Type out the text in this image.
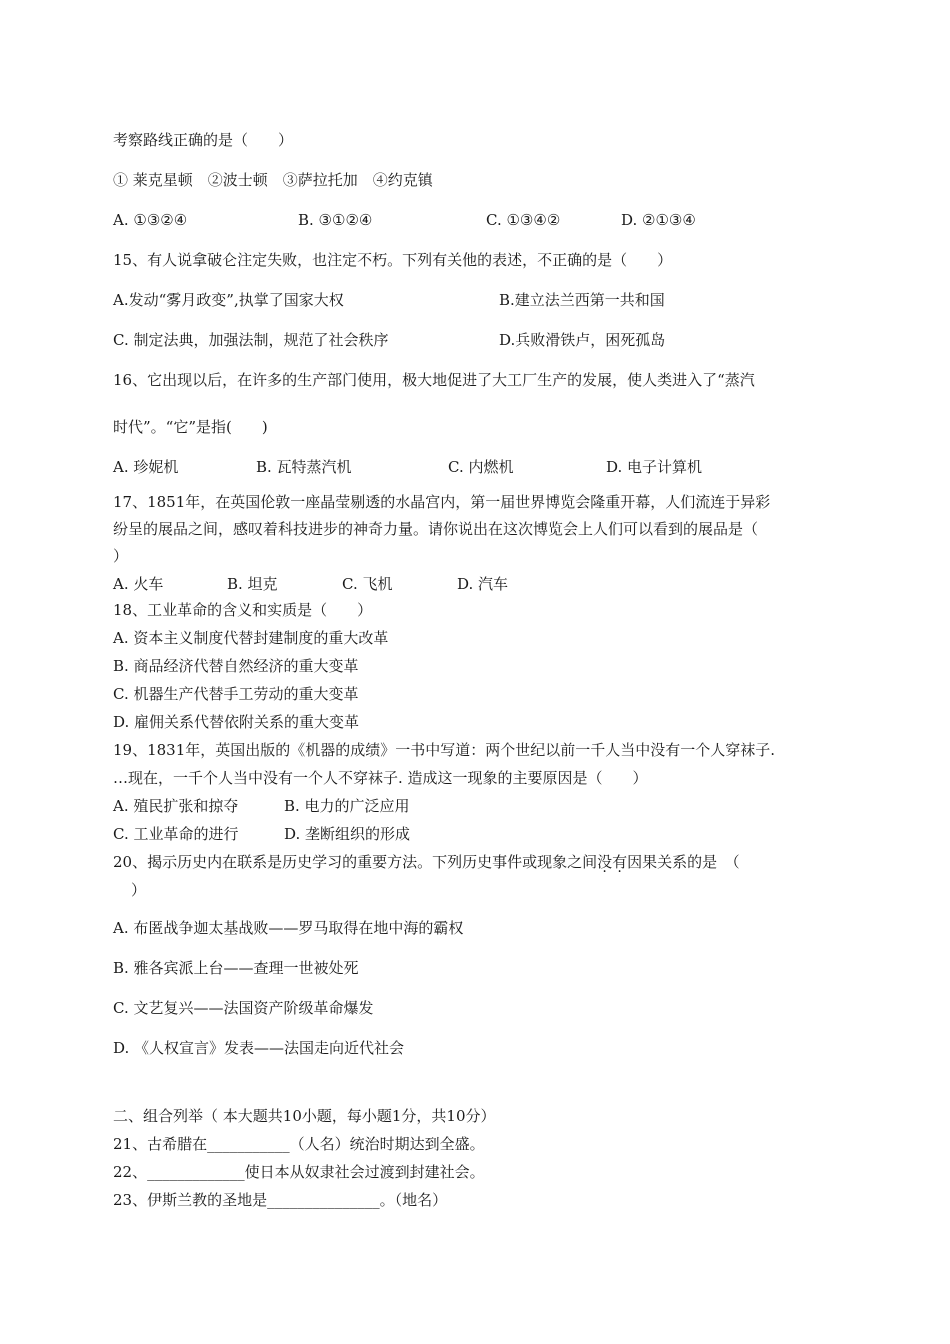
考察路线正确的是（　　）
① 莱克星顿　②波士顿　③萨拉托加　④约克镇
A. ①③②④	B. ③①②④	C. ①③④②	D. ②①③④
15、有人说拿破仑注定失败，也注定不朽。下列有关他的表述，不正确的是（　　）
A.发动“雾月政变”,执掌了国家大权	B.建立法兰西第一共和国
C. 制定法典，加强法制，规范了社会秩序	D.兵败滑铁卢，困死孤岛
16、它出现以后，在许多的生产部门使用，极大地促进了大工厂生产的发展，使人类进入了“蒸汽
时代”。“它”是指(　　)
A. 珍妮机	B. 瓦特蒸汽机	C. 内燃机	D. 电子计算机
17、1851年，在英国伦敦一座晶莹剔透的水晶宫内，第一届世界博览会隆重开幕，人们流连于异彩
纷呈的展品之间，感叹着科技进步的神奇力量。请你说出在这次博览会上人们可以看到的展品是（
）
A. 火车	B. 坦克	C. 飞机	D. 汽车
18、工业革命的含义和实质是（　　）
A. 资本主义制度代替封建制度的重大改革
B. 商品经济代替自然经济的重大变革
C. 机器生产代替手工劳动的重大变革
D. 雇佣关系代替依附关系的重大变革
19、1831年，英国出版的《机器的成绩》一书中写道：两个世纪以前一千人当中没有一个人穿袜子.
…现在，一千个人当中没有一个人不穿袜子. 造成这一现象的主要原因是（　　）
A. 殖民扩张和掠夺	B. 电力的广泛应用
C. 工业革命的进行	D. 垄断组织的形成
20、揭示历史内在联系是历史学习的重要方法。下列历史事件或现象之间没有因果关系的是　（
）
A. 布匿战争迦太基战败——罗马取得在地中海的霸权
B. 雅各宾派上台——查理一世被处死
C. 文艺复兴——法国资产阶级革命爆发
D. 《人权宣言》发表——法国走向近代社会
二、组合列举（ 本大题共10小题，每小题1分，共10分）
21、古希腊在___________（人名）统治时期达到全盛。
22、_____________使日本从奴隶社会过渡到封建社会。
23、伊斯兰教的圣地是_______________。（地名）
